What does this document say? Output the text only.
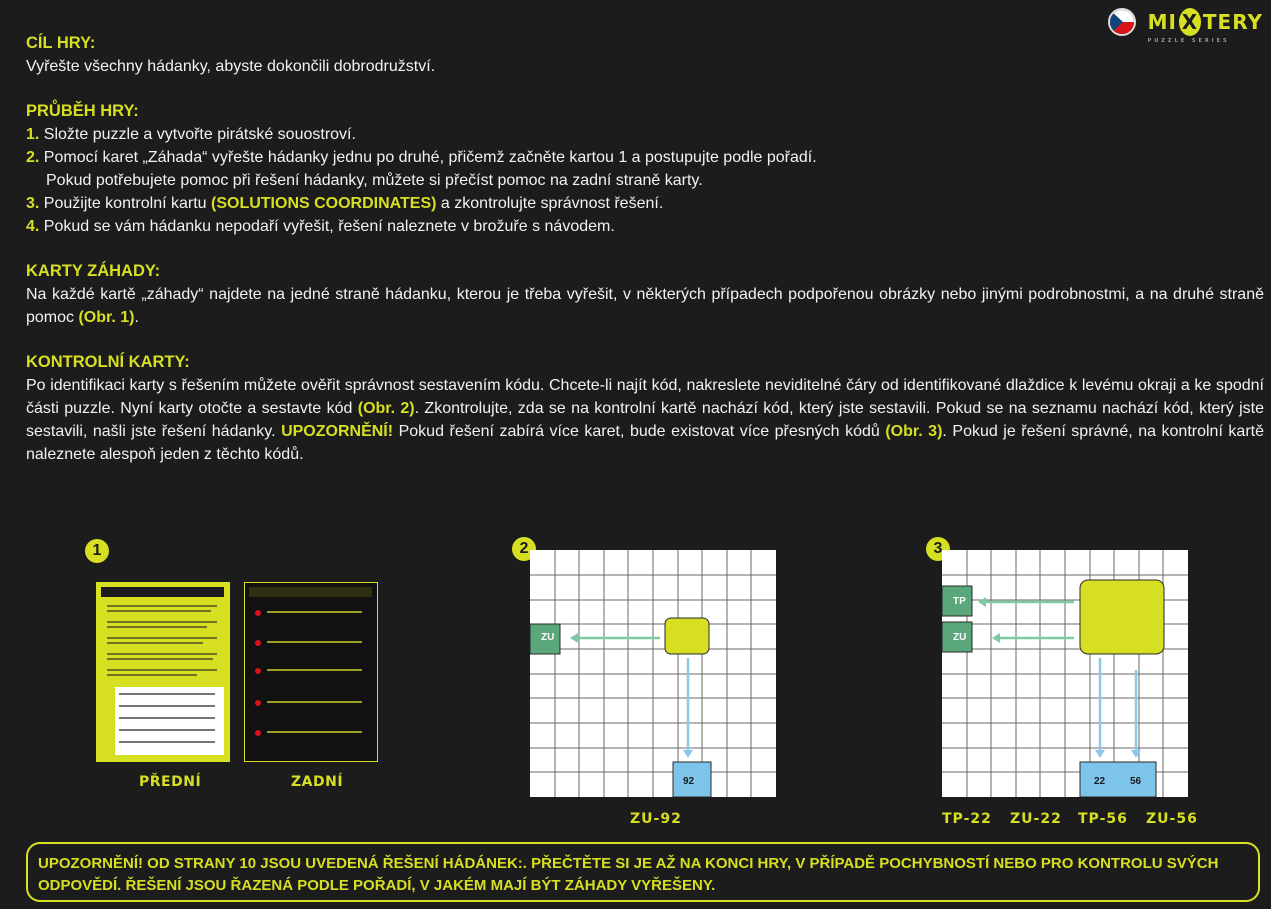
MI X TERY
PUZZLE SERIES
CÍL HRY:
Vyřešte všechny hádanky, abyste dokončili dobrodružství.
PRŮBĚH HRY:
1. Složte puzzle a vytvořte pirátské souostroví.
2. Pomocí karet „Záhada“ vyřešte hádanky jednu po druhé, přičemž začněte kartou 1 a postupujte podle pořadí.
Pokud potřebujete pomoc při řešení hádanky, můžete si přečíst pomoc na zadní straně karty.
3. Použijte kontrolní kartu (SOLUTIONS COORDINATES) a zkontrolujte správnost řešení.
4. Pokud se vám hádanku nepodaří vyřešit, řešení naleznete v brožuře s návodem.
KARTY ZÁHADY:
Na každé kartě „záhady“ najdete na jedné straně hádanku, kterou je třeba vyřešit, v některých případech podpořenou obrázky nebo jinými podrobnostmi, a na druhé straně pomoc (Obr. 1).
KONTROLNÍ KARTY:
Po identifikaci karty s řešením můžete ověřit správnost sestavením kódu. Chcete-li najít kód, nakreslete neviditelné čáry od identifikované dlaždice k levému okraji a ke spodní části puzzle. Nyní karty otočte a sestavte kód (Obr. 2). Zkontrolujte, zda se na kontrolní kartě nachází kód, který jste sestavili. Pokud se na seznamu nachází kód, který jste sestavili, našli jste řešení hádanky. UPOZORNĚNÍ! Pokud řešení zabírá více karet, bude existovat více přesných kódů (Obr. 3). Pokud je řešení správné, na kontrolní kartě naleznete alespoň jeden z těchto kódů.
1
PŘEDNÍ	ZADNÍ
2
ZU
92
ZU-92
3
TP
ZU
22 56
TP-22 ZU-22 TP-56 ZU-56
UPOZORNĚNÍ! OD STRANY 10 JSOU UVEDENÁ ŘEŠENÍ HÁDÁNEK:. PŘEČTĚTE SI JE AŽ NA KONCI HRY, V PŘÍPADĚ POCHYBNOSTÍ NEBO PRO KONTROLU SVÝCH ODPOVĚDÍ. ŘEŠENÍ JSOU ŘAZENÁ PODLE POŘADÍ, V JAKÉM MAJÍ BÝT ZÁHADY VYŘEŠENY.
